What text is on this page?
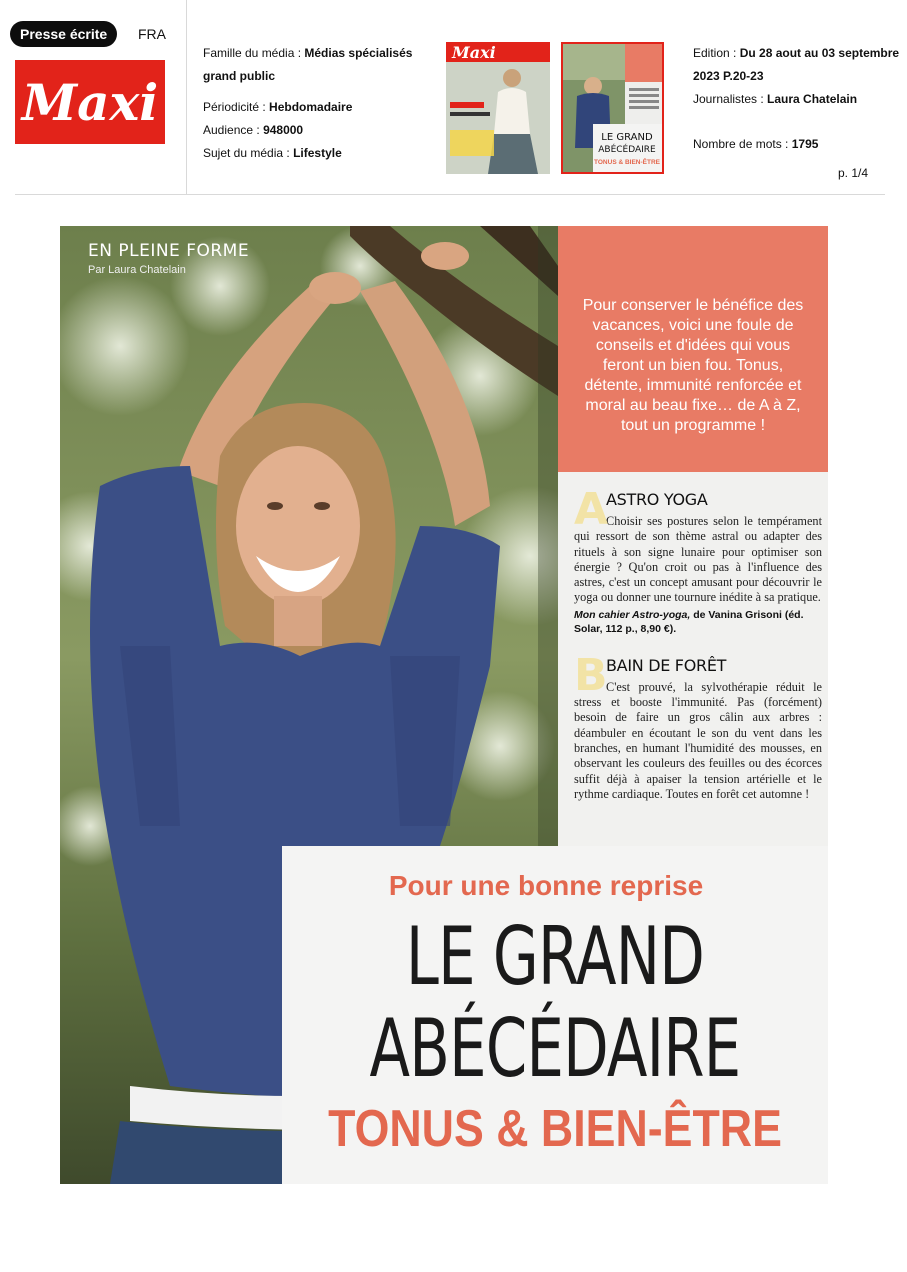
Presse écrite	FRA
Maxi
Famille du média : Médias spécialisés grand public
Périodicité : Hebdomadaire
Audience : 948000
Sujet du média : Lifestyle
Maxi
LE GRAND
ABÉCÉDAIRE
TONUS & BIEN-ÊTRE
Edition : Du 28 aout au 03 septembre 2023 P.20-23
Journalistes : Laura Chatelain
Nombre de mots : 1795
p. 1/4
EN PLEINE FORME
Par Laura Chatelain
Pour conserver le bénéfice des vacances, voici une foule de conseils et d'idées qui vous feront un bien fou. Tonus, détente, immunité renforcée et moral au beau fixe… de A à Z, tout un programme !
A
ASTRO YOGA
Choisir ses postures selon le tempérament qui ressort de son thème astral ou adapter des rituels à son signe lunaire pour optimiser son énergie ? Qu'on croit ou pas à l'influence des astres, c'est un concept amusant pour découvrir le yoga ou donner une tournure inédite à sa pratique.
Mon cahier Astro-yoga, de Vanina Grisoni (éd. Solar, 112 p., 8,90 €).
B
BAIN DE FORÊT
C'est prouvé, la sylvothérapie réduit le stress et booste l'immunité. Pas (forcément) besoin de faire un gros câlin aux arbres : déambuler en écoutant le son du vent dans les branches, en humant l'humidité des mousses, en observant les couleurs des feuilles ou des écorces suffit déjà à apaiser la tension artérielle et le rythme cardiaque. Toutes en forêt cet automne !
Pour une bonne reprise
LE GRAND
ABÉCÉDAIRE
TONUS & BIEN-ÊTRE
